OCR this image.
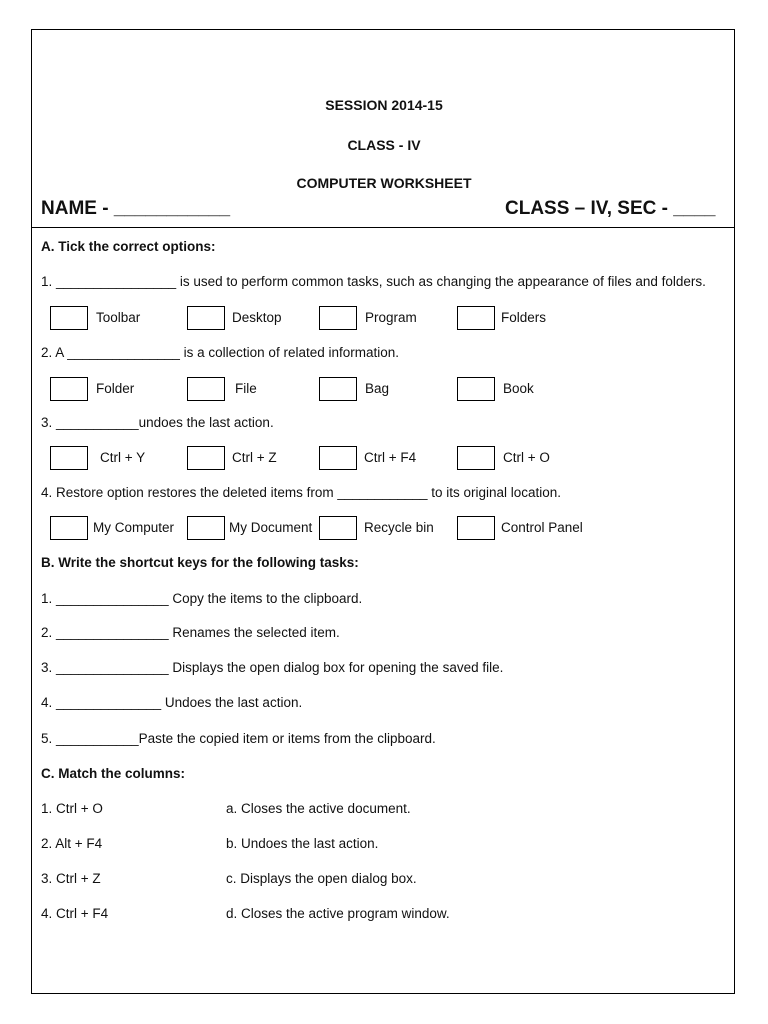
SESSION 2014-15
CLASS - IV
COMPUTER WORKSHEET
NAME - ___________	CLASS – IV, SEC - ____
A. Tick the correct options:
1. ________________ is used to perform common tasks, such as changing the appearance of files and folders.
Toolbar	Desktop	Program	Folders
2. A _______________ is a collection of related information.
Folder	File	Bag	Book
3. ___________undoes the last action.
Ctrl + Y	Ctrl + Z	Ctrl + F4	Ctrl + O
4. Restore option restores the deleted items from ____________ to its original location.
My Computer	My Document	Recycle bin	Control Panel
B. Write the shortcut keys for the following tasks:
1. _______________ Copy the items to the clipboard.
2. _______________ Renames the selected item.
3. _______________ Displays the open dialog box for opening the saved file.
4. ______________ Undoes the last action.
5. ___________Paste the copied item or items from the clipboard.
C. Match the columns:
1. Ctrl + O	a. Closes the active document.
2. Alt + F4	b. Undoes the last action.
3. Ctrl + Z	c. Displays the open dialog box.
4. Ctrl + F4	d. Closes the active program window.
